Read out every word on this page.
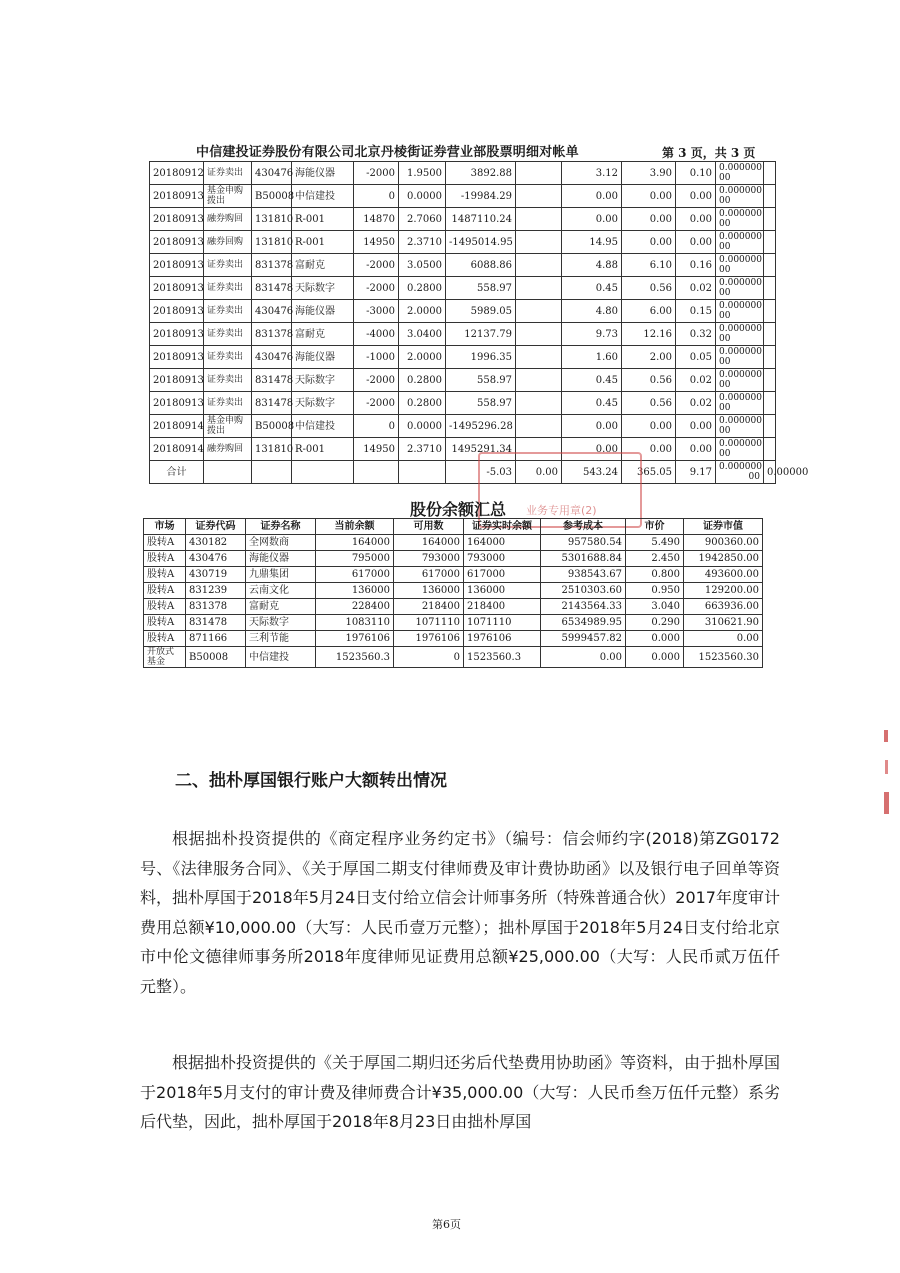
中信建投证券股份有限公司北京丹棱街证券营业部股票明细对帐单	第 3 页，共 3 页
20180912	证券卖出	430476	海能仪器	-2000	1.9500	3892.88		3.12	3.90	0.10	0.000000 00	
20180913	基金申购拨出	B50008	中信建投	0	0.0000	-19984.29		0.00	0.00	0.00	0.000000 00	
20180913	融券购回	131810	R-001	14870	2.7060	1487110.24		0.00	0.00	0.00	0.000000 00	
20180913	融券回购	131810	R-001	14950	2.3710	-1495014.95		14.95	0.00	0.00	0.000000 00	
20180913	证券卖出	831378	富耐克	-2000	3.0500	6088.86		4.88	6.10	0.16	0.000000 00	
20180913	证券卖出	831478	天际数字	-2000	0.2800	558.97		0.45	0.56	0.02	0.000000 00	
20180913	证券卖出	430476	海能仪器	-3000	2.0000	5989.05		4.80	6.00	0.15	0.000000 00	
20180913	证券卖出	831378	富耐克	-4000	3.0400	12137.79		9.73	12.16	0.32	0.000000 00	
20180913	证券卖出	430476	海能仪器	-1000	2.0000	1996.35		1.60	2.00	0.05	0.000000 00	
20180913	证券卖出	831478	天际数字	-2000	0.2800	558.97		0.45	0.56	0.02	0.000000 00	
20180913	证券卖出	831478	天际数字	-2000	0.2800	558.97		0.45	0.56	0.02	0.000000 00	
20180914	基金申购拨出	B50008	中信建投	0	0.0000	-1495296.28		0.00	0.00	0.00	0.000000 00	
20180914	融券购回	131810	R-001	14950	2.3710	1495291.34		0.00	0.00	0.00	0.000000 00	
合计						-5.03	0.00	543.24	365.05	9.17	0.000000 00	0.00000
业务专用章(2)
股份余额汇总
市场	证券代码	证券名称	当前余额	可用数	证券实时余额	参考成本	市价	证券市值
股转A	430182	全网数商	164000	164000	164000	957580.54	5.490	900360.00
股转A	430476	海能仪器	795000	793000	793000	5301688.84	2.450	1942850.00
股转A	430719	九鼎集团	617000	617000	617000	938543.67	0.800	493600.00
股转A	831239	云南文化	136000	136000	136000	2510303.60	0.950	129200.00
股转A	831378	富耐克	228400	218400	218400	2143564.33	3.040	663936.00
股转A	831478	天际数字	1083110	1071110	1071110	6534989.95	0.290	310621.90
股转A	871166	三利节能	1976106	1976106	1976106	5999457.82	0.000	0.00
开放式基金	B50008	中信建投	1523560.3	0	1523560.3	0.00	0.000	1523560.30
二、拙朴厚国银行账户大额转出情况

根据拙朴投资提供的《商定程序业务约定书》（编号：信会师约字(2018)第ZG0172号、《法律服务合同》、《关于厚国二期支付律师费及审计费协助函》以及银行电子回单等资料，拙朴厚国于2018年5月24日支付给立信会计师事务所（特殊普通合伙）2017年度审计费用总额¥10,000.00（大写：人民币壹万元整）；拙朴厚国于2018年5月24日支付给北京市中伦文德律师事务所2018年度律师见证费用总额¥25,000.00（大写：人民币贰万伍仟元整）。

根据拙朴投资提供的《关于厚国二期归还劣后代垫费用协助函》等资料，由于拙朴厚国于2018年5月支付的审计费及律师费合计¥35,000.00（大写：人民币叁万伍仟元整）系劣后代垫，因此，拙朴厚国于2018年8月23日由拙朴厚国

第6页
